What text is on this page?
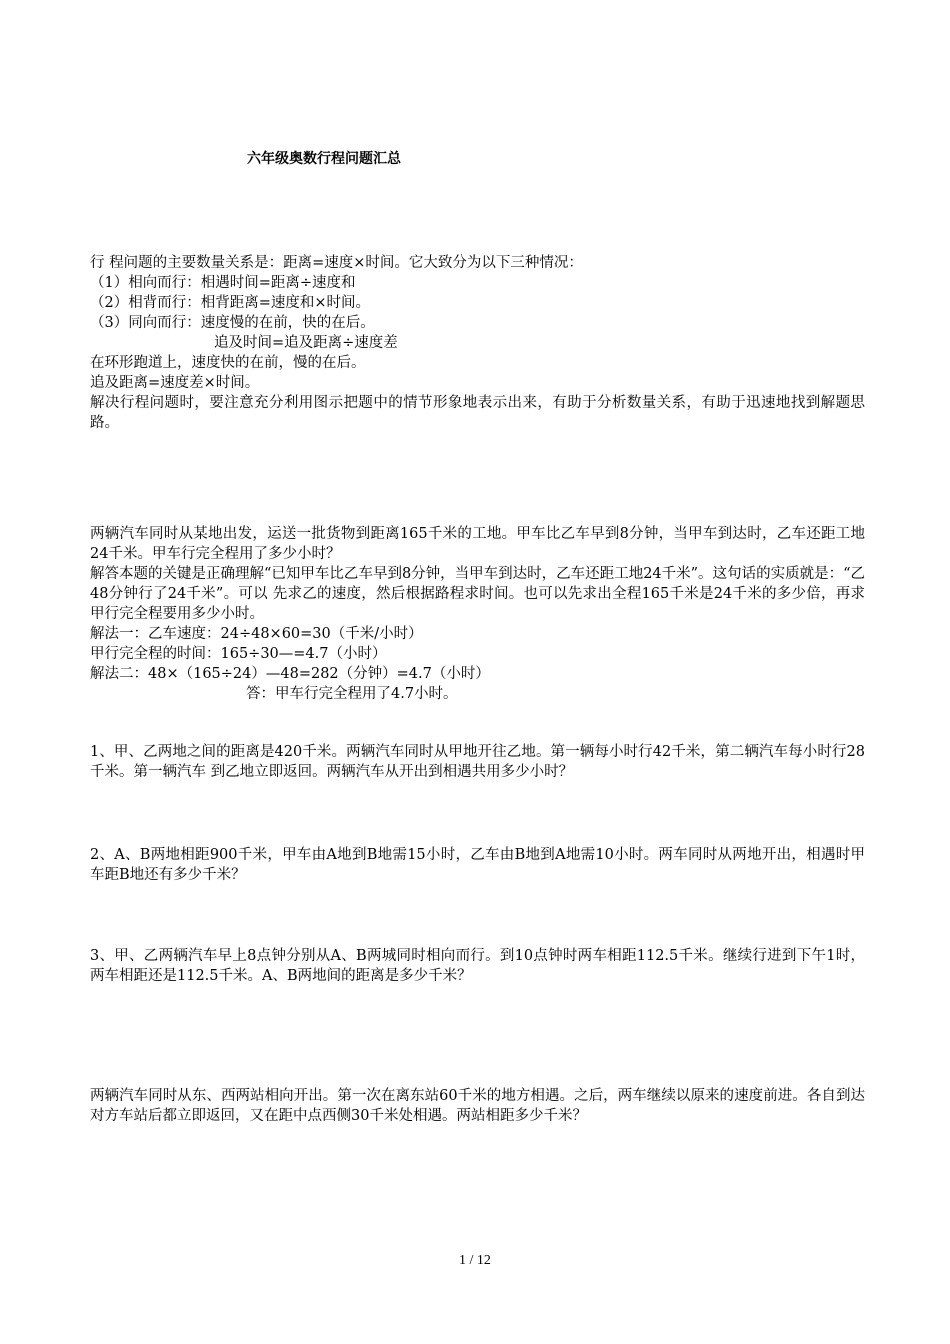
六年级奥数行程问题汇总
行 程问题的主要数量关系是：距离=速度×时间。它大致分为以下三种情况：
（1）相向而行：相遇时间=距离÷速度和
（2）相背而行：相背距离=速度和×时间。
（3）同向而行：速度慢的在前，快的在后。
追及时间=追及距离÷速度差
在环形跑道上，速度快的在前，慢的在后。
追及距离=速度差×时间。
解决行程问题时，要注意充分利用图示把题中的情节形象地表示出来，有助于分析数量关系，有助于迅速地找到解题思路。
两辆汽车同时从某地出发，运送一批货物到距离165千米的工地。甲车比乙车早到8分钟，当甲车到达时，乙车还距工地24千米。甲车行完全程用了多少小时？
解答本题的关键是正确理解“已知甲车比乙车早到8分钟，当甲车到达时，乙车还距工地24千米”。这句话的实质就是：“乙48分钟行了24千米”。可以 先求乙的速度，然后根据路程求时间。也可以先求出全程165千米是24千米的多少倍，再求甲行完全程要用多少小时。
解法一：乙车速度：24÷48×60=30（千米/小时）
甲行完全程的时间：165÷30—=4.7（小时）
解法二：48×（165÷24）—48=282（分钟）=4.7（小时）
答：甲车行完全程用了4.7小时。
1、甲、乙两地之间的距离是420千米。两辆汽车同时从甲地开往乙地。第一辆每小时行42千米，第二辆汽车每小时行28千米。第一辆汽车 到乙地立即返回。两辆汽车从开出到相遇共用多少小时？
2、A、B两地相距900千米，甲车由A地到B地需15小时，乙车由B地到A地需10小时。两车同时从两地开出，相遇时甲车距B地还有多少千米？
3、甲、乙两辆汽车早上8点钟分别从A、B两城同时相向而行。到10点钟时两车相距112.5千米。继续行进到下午1时，两车相距还是112.5千米。A、B两地间的距离是多少千米？
两辆汽车同时从东、西两站相向开出。第一次在离东站60千米的地方相遇。之后，两车继续以原来的速度前进。各自到达对方车站后都立即返回，又在距中点西侧30千米处相遇。两站相距多少千米？
1 / 12
